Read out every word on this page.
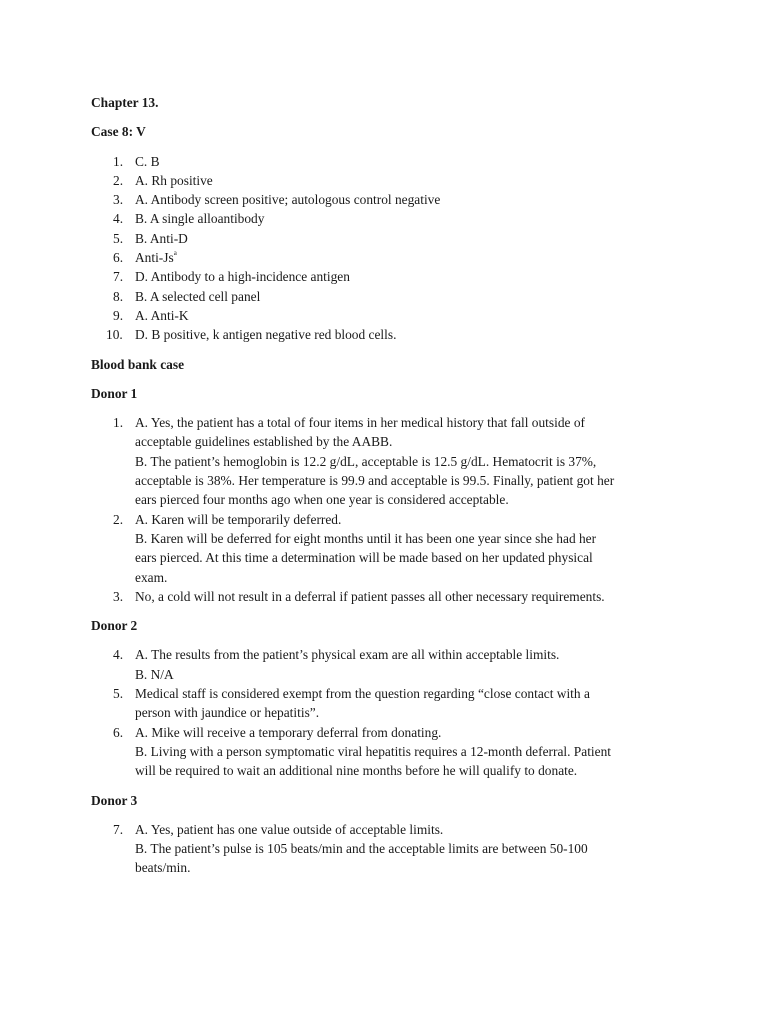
Chapter 13.

Case 8: V

1. C. B
2. A. Rh positive
3. A. Antibody screen positive; autologous control negative
4. B. A single alloantibody
5. B. Anti-D
6. Anti-Js$^a$
7. D. Antibody to a high-incidence antigen
8. B. A selected cell panel
9. A. Anti-K
10. D. B positive, k antigen negative red blood cells.

Blood bank case

Donor 1

1. A. Yes, the patient has a total of four items in her medical history that fall outside of
acceptable guidelines established by the AABB.
B. The patient’s hemoglobin is 12.2 g/dL, acceptable is 12.5 g/dL. Hematocrit is 37%,
acceptable is 38%. Her temperature is 99.9 and acceptable is 99.5. Finally, patient got her
ears pierced four months ago when one year is considered acceptable.
2. A. Karen will be temporarily deferred.
B. Karen will be deferred for eight months until it has been one year since she had her
ears pierced. At this time a determination will be made based on her updated physical
exam.
3. No, a cold will not result in a deferral if patient passes all other necessary requirements.

Donor 2

4. A. The results from the patient’s physical exam are all within acceptable limits.
B. N/A
5. Medical staff is considered exempt from the question regarding “close contact with a
person with jaundice or hepatitis”.
6. A. Mike will receive a temporary deferral from donating.
B. Living with a person symptomatic viral hepatitis requires a 12-month deferral. Patient
will be required to wait an additional nine months before he will qualify to donate.

Donor 3

7. A. Yes, patient has one value outside of acceptable limits.
B. The patient’s pulse is 105 beats/min and the acceptable limits are between 50-100
beats/min.
